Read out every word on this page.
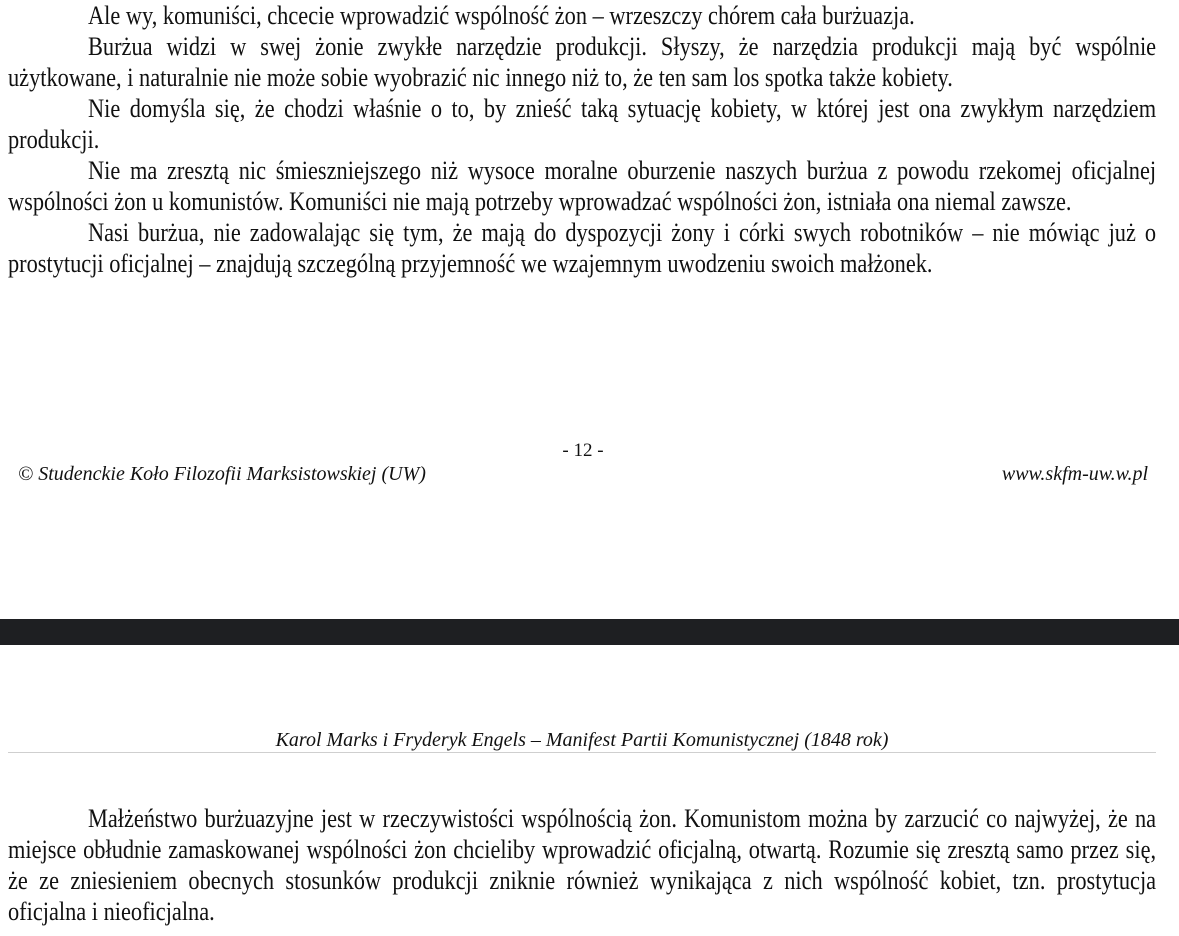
Ale wy, komuniści, chcecie wprowadzić wspólność żon – wrzeszczy chórem cała burżuazja.

Burżua widzi w swej żonie zwykłe narzędzie produkcji. Słyszy, że narzędzia produkcji mają być wspólnie użytkowane, i naturalnie nie może sobie wyobrazić nic innego niż to, że ten sam los spotka także kobiety.

Nie domyśla się, że chodzi właśnie o to, by znieść taką sytuację kobiety, w której jest ona zwykłym narzędziem produkcji.

Nie ma zresztą nic śmieszniejszego niż wysoce moralne oburzenie naszych burżua z powodu rzekomej oficjalnej wspólności żon u komunistów. Komuniści nie mają potrzeby wprowadzać wspólności żon, istniała ona niemal zawsze.

Nasi burżua, nie zadowalając się tym, że mają do dyspozycji żony i córki swych robotników – nie mówiąc już o prostytucji oficjalnej – znajdują szczególną przyjemność we wzajemnym uwodzeniu swoich małżonek.

- 12 -
© Studenckie Koło Filozofii Marksistowskiej (UW)	www.skfm-uw.w.pl
Karol Marks i Fryderyk Engels – Manifest Partii Komunistycznej (1848 rok)

Małżeństwo burżuazyjne jest w rzeczywistości wspólnością żon. Komunistom można by zarzucić co najwyżej, że na miejsce obłudnie zamaskowanej wspólności żon chcieliby wprowadzić oficjalną, otwartą. Rozumie się zresztą samo przez się, że ze zniesieniem obecnych stosunków produkcji zniknie również wynikająca z nich wspólność kobiet, tzn. prostytucja oficjalna i nieoficjalna.
